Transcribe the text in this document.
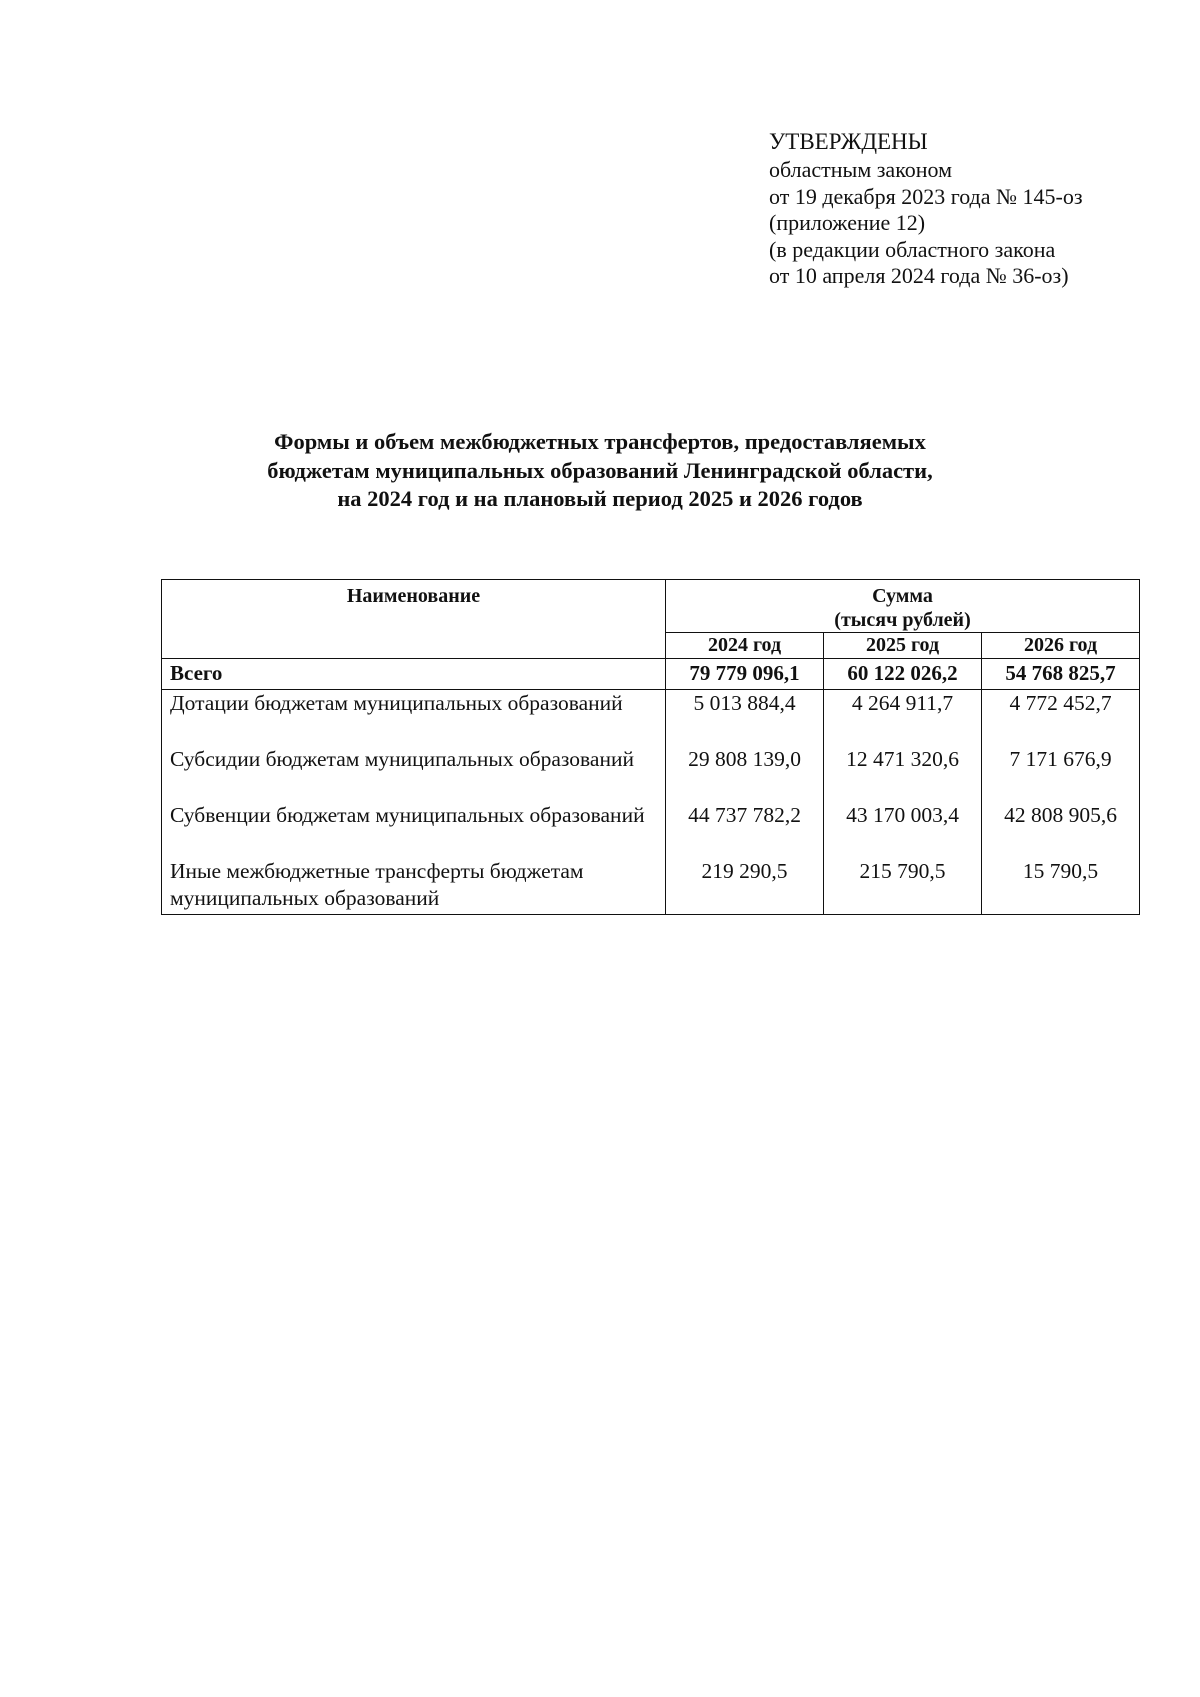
УТВЕРЖДЕНЫ
областным законом
от 19 декабря 2023 года № 145-оз
(приложение 12)
(в редакции областного закона
от 10 апреля 2024 года № 36-оз)
Формы и объем межбюджетных трансфертов, предоставляемых
бюджетам муниципальных образований Ленинградской области,
на 2024 год и на плановый период 2025 и 2026 годов
Наименование	Сумма
(тысяч рублей)		

	2024 год	2025 год	2026 год
Всего	79 779 096,1	60 122 026,2	54 768 825,7
Дотации бюджетам муниципальных образований	5 013 884,4	4 264 911,7	4 772 452,7
Субсидии бюджетам муниципальных образований	29 808 139,0	12 471 320,6	7 171 676,9
Субвенции бюджетам муниципальных образований	44 737 782,2	43 170 003,4	42 808 905,6
Иные межбюджетные трансферты бюджетам муниципальных образований	219 290,5	215 790,5	15 790,5
